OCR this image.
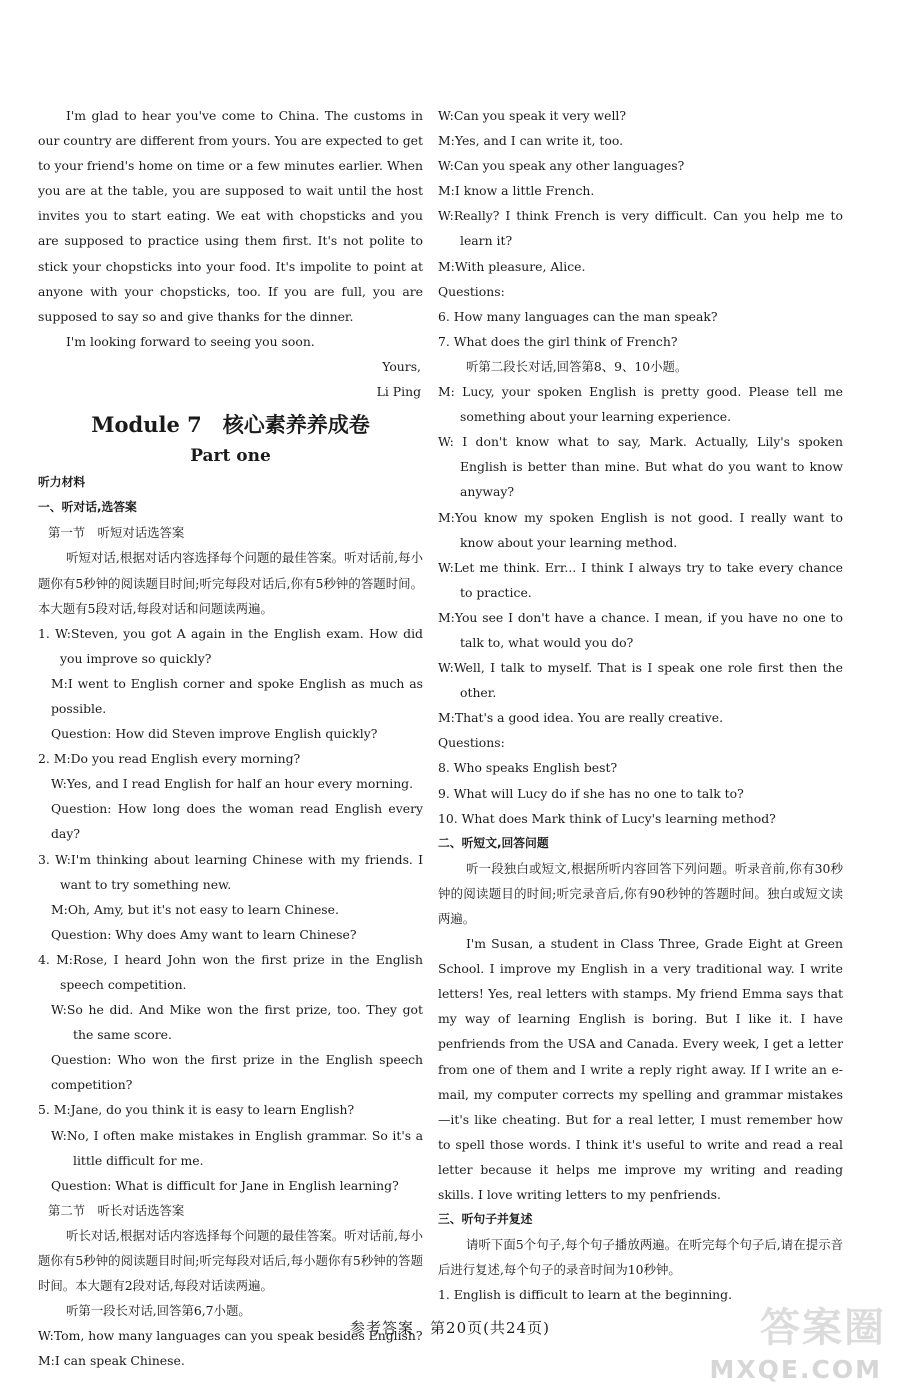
I'm glad to hear you've come to China. The customs in our country are different from yours. You are expected to get to your friend's home on time or a few minutes earlier. When you are at the table, you are supposed to wait until the host invites you to start eating. We eat with chopsticks and you are supposed to practice using them first. It's not polite to stick your chopsticks into your food. It's impolite to point at anyone with your chopsticks, too. If you are full, you are supposed to say so and give thanks for the dinner.

I'm looking forward to seeing you soon.

Yours,

Li Ping

Module 7　核心素养养成卷

Part one

听力材料

一、听对话,选答案

第一节　听短对话选答案

听短对话,根据对话内容选择每个问题的最佳答案。听对话前,每小题你有5秒钟的阅读题目时间;听完每段对话后,你有5秒钟的答题时间。本大题有5段对话,每段对话和问题读两遍。

1. W:Steven, you got A again in the English exam. How did you improve so quickly?

M:I went to English corner and spoke English as much as possible.

Question: How did Steven improve English quickly?

2. M:Do you read English every morning?

W:Yes, and I read English for half an hour every morning.

Question: How long does the woman read English every day?

3. W:I'm thinking about learning Chinese with my friends. I want to try something new.

M:Oh, Amy, but it's not easy to learn Chinese.

Question: Why does Amy want to learn Chinese?

4. M:Rose, I heard John won the first prize in the English speech competition.

W:So he did. And Mike won the first prize, too. They got the same score.

Question: Who won the first prize in the English speech competition?

5. M:Jane, do you think it is easy to learn English?

W:No, I often make mistakes in English grammar. So it's a little difficult for me.

Question: What is difficult for Jane in English learning?

第二节　听长对话选答案

听长对话,根据对话内容选择每个问题的最佳答案。听对话前,每小题你有5秒钟的阅读题目时间;听完每段对话后,每小题你有5秒钟的答题时间。本大题有2段对话,每段对话读两遍。

听第一段长对话,回答第6,7小题。

W:Tom, how many languages can you speak besides English?

M:I can speak Chinese.

W:Can you speak it very well?

M:Yes, and I can write it, too.

W:Can you speak any other languages?

M:I know a little French.

W:Really? I think French is very difficult. Can you help me to learn it?

M:With pleasure, Alice.

Questions:

6. How many languages can the man speak?

7. What does the girl think of French?

听第二段长对话,回答第8、9、10小题。

M: Lucy, your spoken English is pretty good. Please tell me something about your learning experience.

W: I don't know what to say, Mark. Actually, Lily's spoken English is better than mine. But what do you want to know anyway?

M:You know my spoken English is not good. I really want to know about your learning method.

W:Let me think. Err... I think I always try to take every chance to practice.

M:You see I don't have a chance. I mean, if you have no one to talk to, what would you do?

W:Well, I talk to myself. That is I speak one role first then the other.

M:That's a good idea. You are really creative.

Questions:

8. Who speaks English best?

9. What will Lucy do if she has no one to talk to?

10. What does Mark think of Lucy's learning method?

二、听短文,回答问题

听一段独白或短文,根据所听内容回答下列问题。听录音前,你有30秒钟的阅读题目的时间;听完录音后,你有90秒钟的答题时间。独白或短文读两遍。

I'm Susan, a student in Class Three, Grade Eight at Green School. I improve my English in a very traditional way. I write letters! Yes, real letters with stamps. My friend Emma says that my way of learning English is boring. But I like it. I have penfriends from the USA and Canada. Every week, I get a letter from one of them and I write a reply right away. If I write an e-mail, my computer corrects my spelling and grammar mistakes—it's like cheating. But for a real letter, I must remember how to spell those words. I think it's useful to write and read a real letter because it helps me improve my writing and reading skills. I love writing letters to my penfriends.

三、听句子并复述

请听下面5个句子,每个句子播放两遍。在听完每个句子后,请在提示音后进行复述,每个句子的录音时间为10秒钟。

1. English is difficult to learn at the beginning.

参考答案　第20页(共24页)	答案圈
MXQE.COM
